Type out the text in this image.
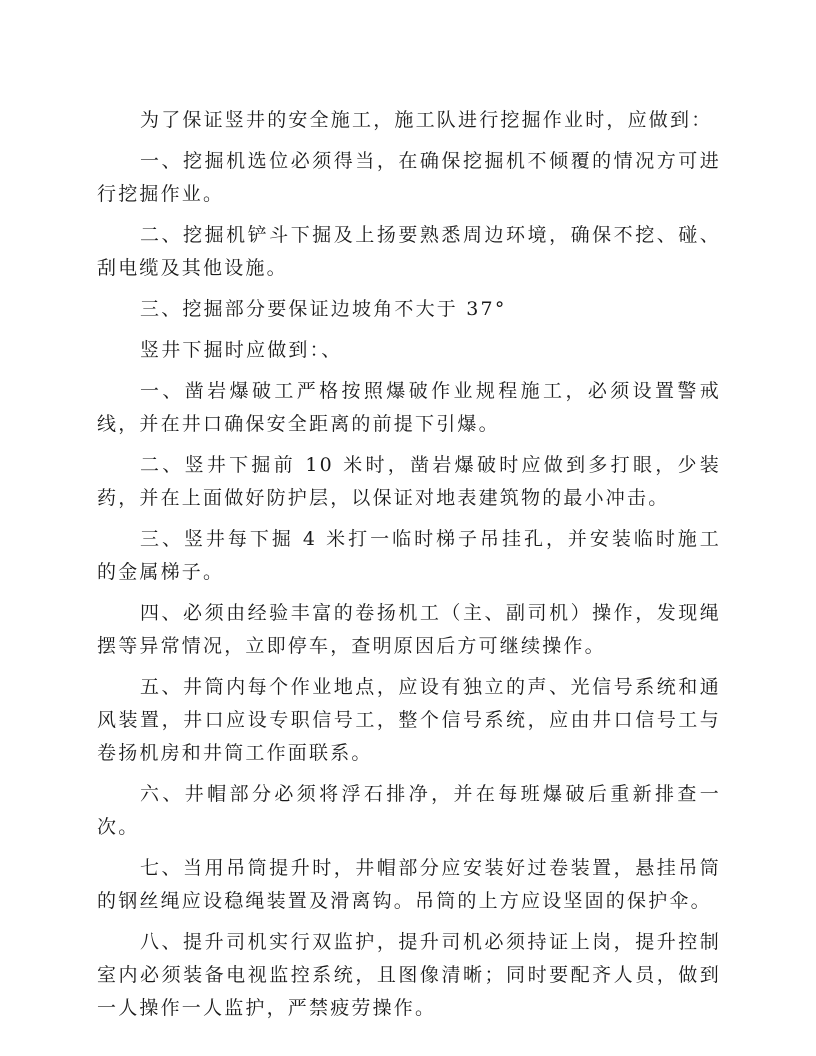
为了保证竖井的安全施工，施工队进行挖掘作业时，应做到：

一、挖掘机选位必须得当，在确保挖掘机不倾覆的情况方可进行挖掘作业。

二、挖掘机铲斗下掘及上扬要熟悉周边环境，确保不挖、碰、刮电缆及其他设施。

三、挖掘部分要保证边坡角不大于 37°

竖井下掘时应做到：、

一、凿岩爆破工严格按照爆破作业规程施工，必须设置警戒线，并在井口确保安全距离的前提下引爆。

二、竖井下掘前 10 米时，凿岩爆破时应做到多打眼，少装药，并在上面做好防护层，以保证对地表建筑物的最小冲击。

三、竖井每下掘 4 米打一临时梯子吊挂孔，并安装临时施工的金属梯子。

四、必须由经验丰富的卷扬机工（主、副司机）操作，发现绳摆等异常情况，立即停车，查明原因后方可继续操作。

五、井筒内每个作业地点，应设有独立的声、光信号系统和通风装置，井口应设专职信号工，整个信号系统，应由井口信号工与卷扬机房和井筒工作面联系。

六、井帽部分必须将浮石排净，并在每班爆破后重新排查一次。

七、当用吊筒提升时，井帽部分应安装好过卷装置，悬挂吊筒的钢丝绳应设稳绳装置及滑离钩。吊筒的上方应设坚固的保护伞。

八、提升司机实行双监护，提升司机必须持证上岗，提升控制室内必须装备电视监控系统，且图像清晰；同时要配齐人员，做到一人操作一人监护，严禁疲劳操作。
